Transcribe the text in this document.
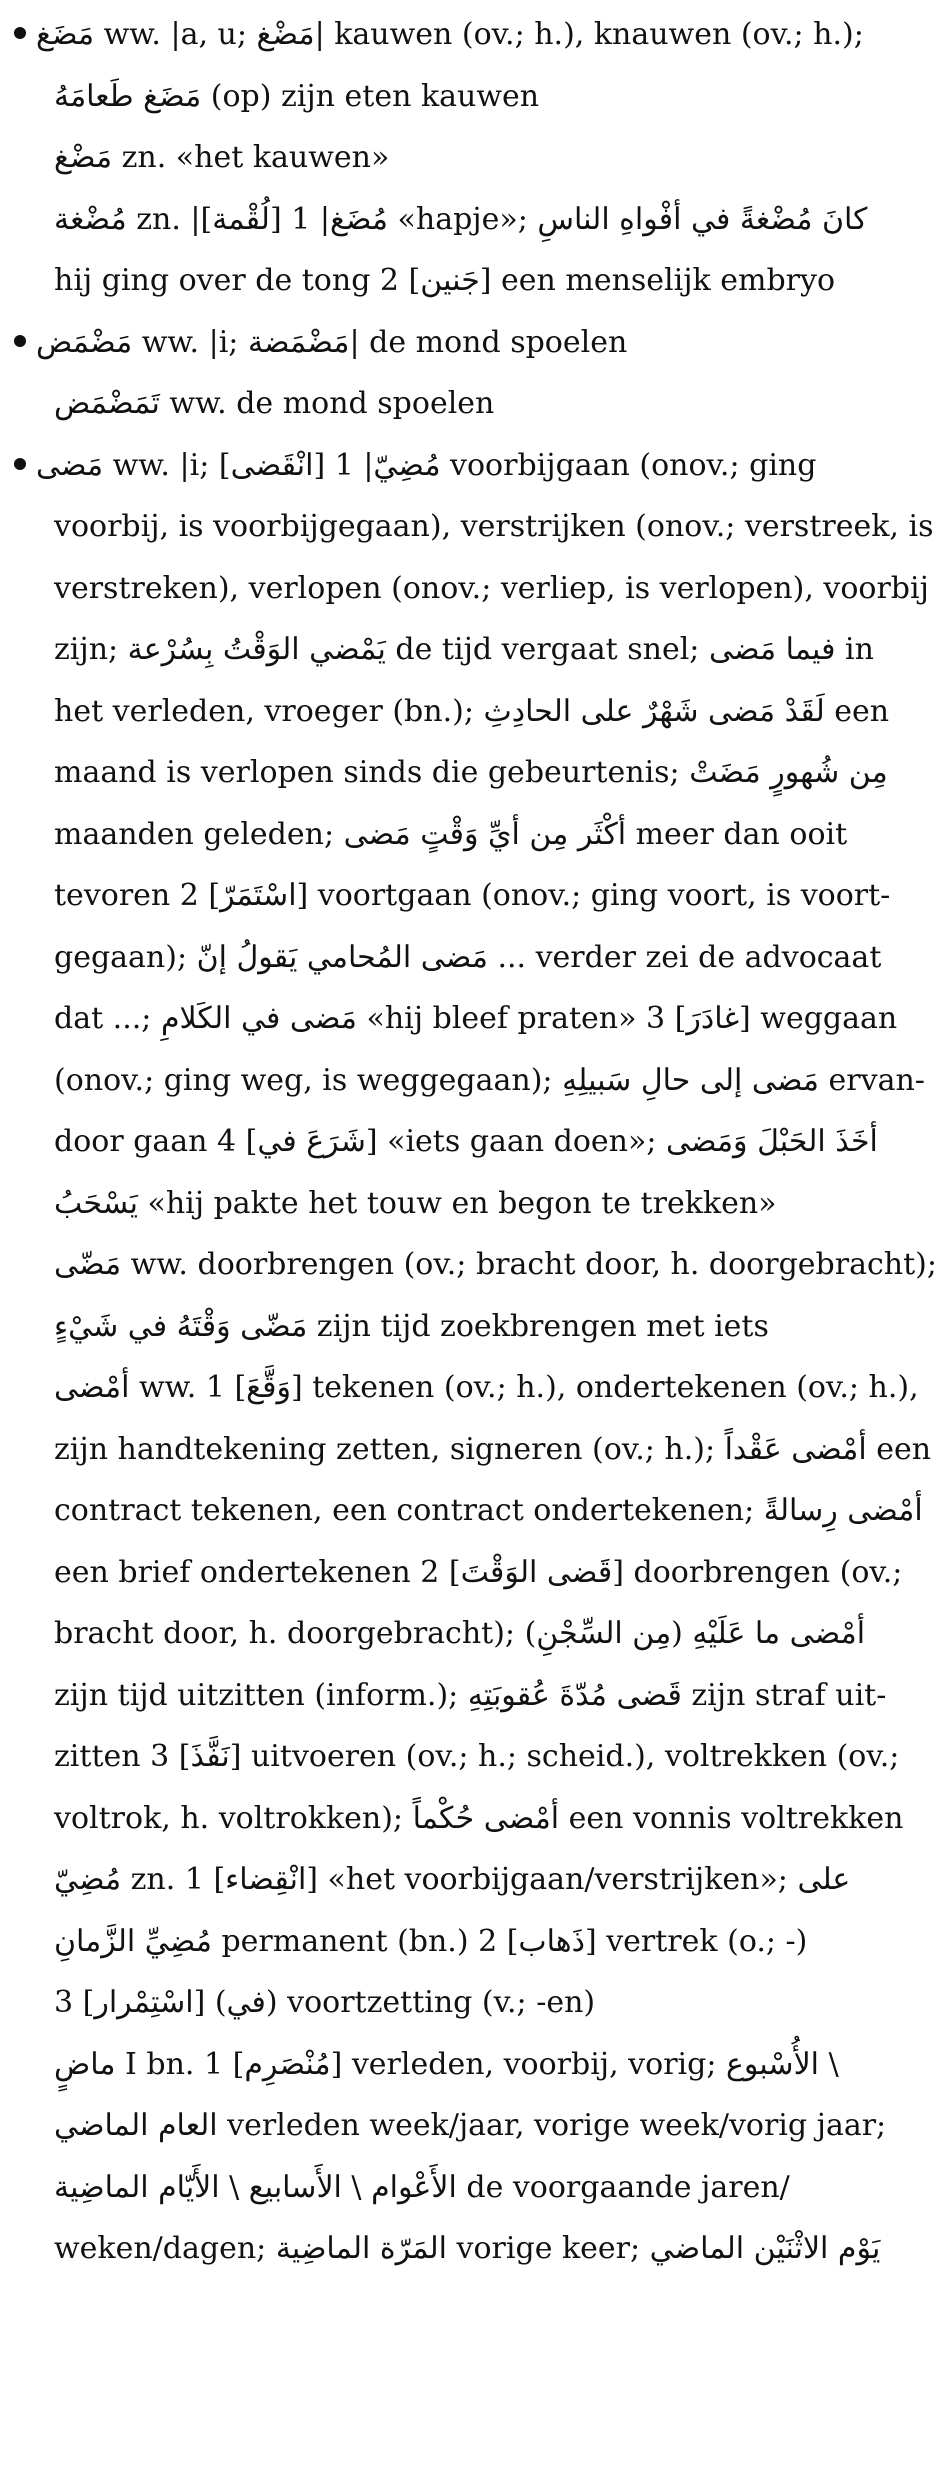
مَضَغ ww. |a, u; مَضْغ| kauwen (ov.; h.), knauwen (ov.; h.);
مَضَغ طَعامَهُ (op) zijn eten kauwen
مَضْغ zn. «het kauwen»
مُضْغة zn. |مُضَغ| 1 [لُقْمة] «hapje»; كانَ مُضْغةً في أفْواهِ الناسِ
hij ging over de tong 2 [جَنين] een menselijk embryo
مَضْمَض ww. |i; مَضْمَضة| de mond spoelen
تَمَضْمَض ww. de mond spoelen
مَضى ww. |i; مُضِيّ| 1 [انْقَضى] voorbijgaan (onov.; ging
voorbij, is voorbijgegaan), verstrijken (onov.; verstreek, is
verstreken), verlopen (onov.; verliep, is verlopen), voorbij
zijn; يَمْضي الوَقْتُ بِسُرْعة de tijd vergaat snel; فيما مَضى in
het verleden, vroeger (bn.); لَقَدْ مَضى شَهْرٌ على الحادِثِ een
maand is verlopen sinds die gebeurtenis; مِن شُهورٍ مَضَتْ
maanden geleden; أكْثَر مِن أيِّ وَقْتٍ مَضى meer dan ooit
tevoren 2 [اسْتَمَرّ] voortgaan (onov.; ging voort, is voort-
gegaan); مَضى المُحامي يَقولُ إنّ ... verder zei de advocaat
dat ...; مَضى في الكَلامِ «hij bleef praten» 3 [غادَرَ] weggaan
(onov.; ging weg, is weggegaan); مَضى إلى حالِ سَبيلِهِ ervan-
door gaan 4 [شَرَعَ في] «iets gaan doen»; أخَذَ الحَبْلَ وَمَضى
يَسْحَبُ «hij pakte het touw en begon te trekken»
مَضّى ww. doorbrengen (ov.; bracht door, h. doorgebracht);
مَضّى وَقْتَهُ في شَيْءٍ zijn tijd zoekbrengen met iets
أمْضى ww. 1 [وَقَّعَ] tekenen (ov.; h.), ondertekenen (ov.; h.),
zijn handtekening zetten, signeren (ov.; h.); أمْضى عَقْداً een
contract tekenen, een contract ondertekenen; أمْضى رِسالةً
een brief ondertekenen 2 [قَضى الوَقْتَ] doorbrengen (ov.;
bracht door, h. doorgebracht); أمْضى ما عَلَيْهِ (مِن السِّجْنِ)
zijn tijd uitzitten (inform.); قَضى مُدّةَ عُقوبَتِهِ zijn straf uit-
zitten 3 [نَفَّذَ] uitvoeren (ov.; h.; scheid.), voltrekken (ov.;
voltrok, h. voltrokken); أمْضى حُكْماً een vonnis voltrekken
مُضِيّ zn. 1 [انْقِضاء] «het voorbijgaan/verstrijken»; على
مُضِيِّ الزَّمانِ permanent (bn.) 2 [ذَهاب] vertrek (o.; -)
3 [اسْتِمْرار] (في) voortzetting (v.; -en)
ماضٍ I bn. 1 [مُنْصَرِم] verleden, voorbij, vorig; الأُسْبوع \
العام الماضي verleden week/jaar, vorige week/vorig jaar;
الأَعْوام \ الأَسابيع \ الأَيّام الماضِية de voorgaande jaren/
weken/dagen; المَرّة الماضِية vorige keer; يَوْم الاثْنَيْن الماضي
